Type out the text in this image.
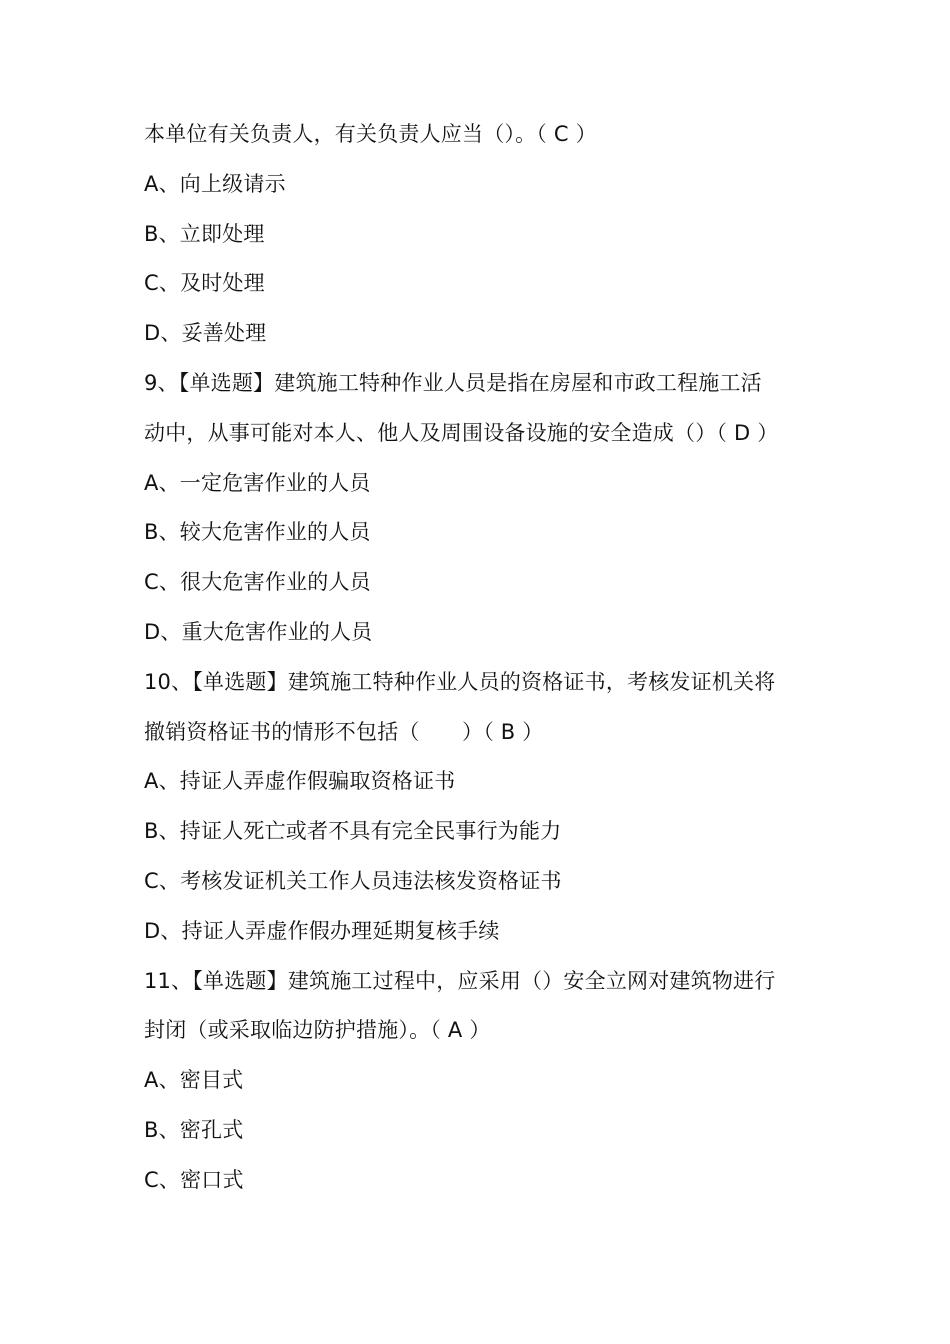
本单位有关负责人，有关负责人应当（）。（ C ）
A、向上级请示
B、立即处理
C、及时处理
D、妥善处理
9、【单选题】建筑施工特种作业人员是指在房屋和市政工程施工活
动中，从事可能对本人、他人及周围设备设施的安全造成（）（ D ）
A、一定危害作业的人员
B、较大危害作业的人员
C、很大危害作业的人员
D、重大危害作业的人员
10、【单选题】建筑施工特种作业人员的资格证书，考核发证机关将
撤销资格证书的情形不包括（　　）（ B ）
A、持证人弄虚作假骗取资格证书
B、持证人死亡或者不具有完全民事行为能力
C、考核发证机关工作人员违法核发资格证书
D、持证人弄虚作假办理延期复核手续
11、【单选题】建筑施工过程中，应采用（）安全立网对建筑物进行
封闭（或采取临边防护措施）。（ A ）
A、密目式
B、密孔式
C、密口式
